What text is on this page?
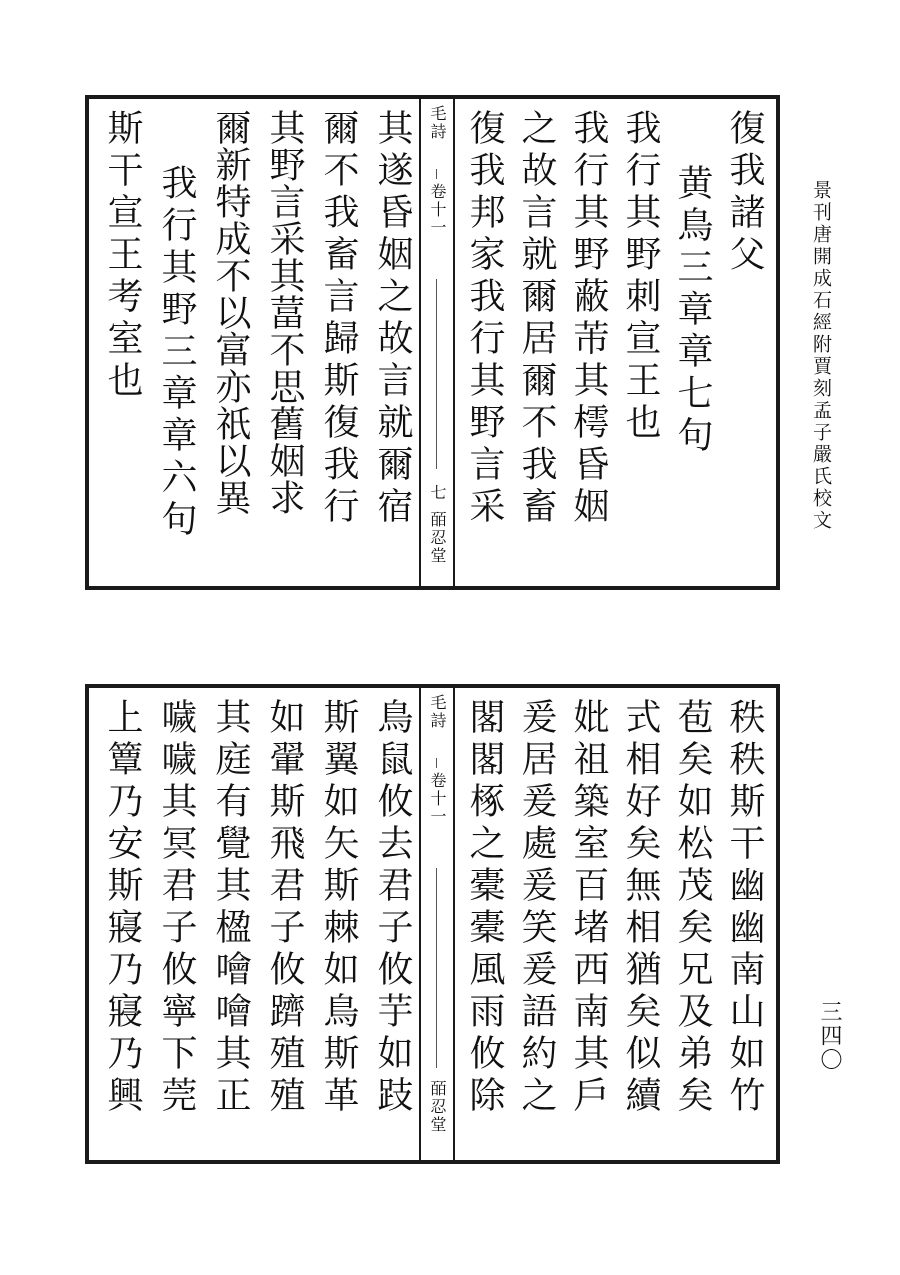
景刊唐開成石經附賈刻孟子嚴氏校文
三四〇
復我諸父
黄鳥三章章七句
我行其野刺宣王也
我行其野蔽芾其樗昏姻
之故言就爾居爾不我畜
毛詩
卷十一
七
皕忍堂
其遂昏姻之故言就爾宿
爾不我畜言歸斯復我行
其野言采其葍不思舊姻求
爾新特成不以富亦祇以異
我行其野三章章六句	復我邦家我行其野言采
斯干宣王考室也
秩秩斯干幽幽南山如竹
苞矣如松茂矣兄及弟矣
式相好矣無相猶矣似續
妣祖築室百堵西南其戶
毛詩
卷十一
皕忍堂
鳥鼠攸去君子攸芋如跂
斯翼如矢斯棘如鳥斯革
如翬斯飛君子攸躋殖殖
其庭有覺其楹噲噲其正
噦噦其冥君子攸寧下莞
上簟乃安斯寢乃寢乃興	爰居爰處爰笑爰語約之
閣閣椓之橐橐風雨攸除
